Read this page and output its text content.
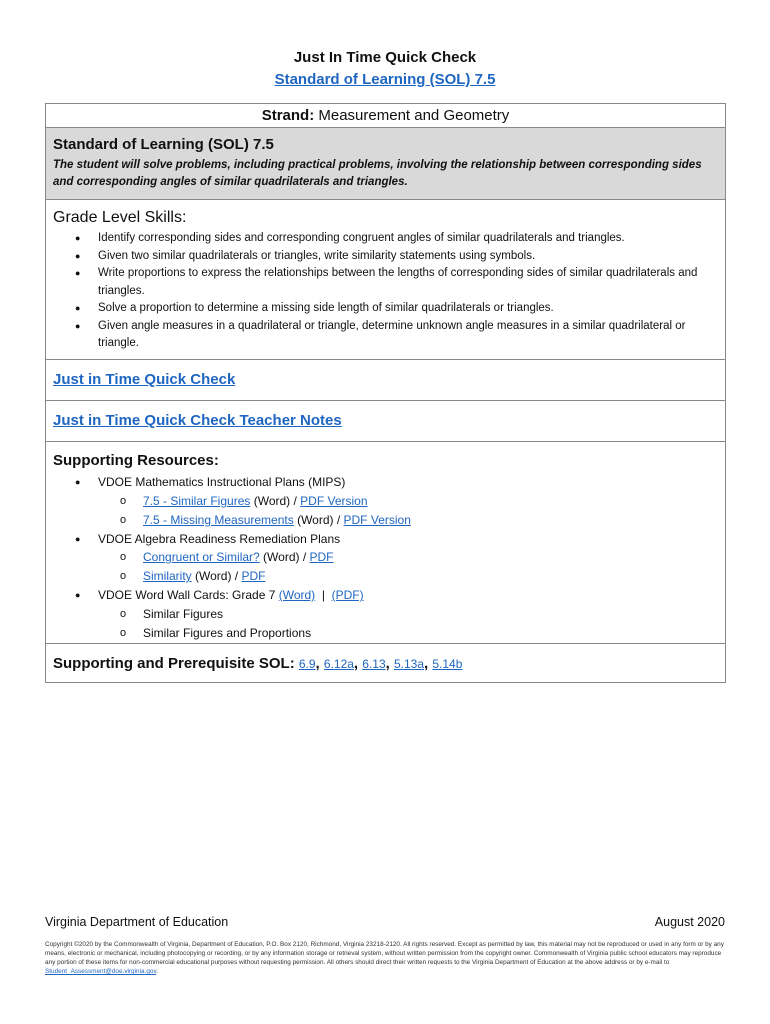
Just In Time Quick Check
Standard of Learning (SOL) 7.5
Strand: Measurement and Geometry
Standard of Learning (SOL) 7.5

The student will solve problems, including practical problems, involving the relationship between corresponding sides and corresponding angles of similar quadrilaterals and triangles.

Grade Level Skills:
● Identify corresponding sides and corresponding congruent angles of similar quadrilaterals and triangles.
● Given two similar quadrilaterals or triangles, write similarity statements using symbols.
● Write proportions to express the relationships between the lengths of corresponding sides of similar quadrilaterals and triangles.
● Solve a proportion to determine a missing side length of similar quadrilaterals or triangles.
● Given angle measures in a quadrilateral or triangle, determine unknown angle measures in a similar quadrilateral or triangle.
Just in Time Quick Check
Just in Time Quick Check Teacher Notes
Supporting Resources:
● VDOE Mathematics Instructional Plans (MIPS)
o 7.5 - Similar Figures (Word) / PDF Version
o 7.5 - Missing Measurements (Word) / PDF Version
● VDOE Algebra Readiness Remediation Plans
o Congruent or Similar? (Word) / PDF
o Similarity (Word) / PDF
● VDOE Word Wall Cards: Grade 7 (Word)  |  (PDF)
o Similar Figures
o Similar Figures and Proportions
Supporting and Prerequisite SOL: 6.9, 6.12a, 6.13, 5.13a, 5.14b
Virginia Department of Education	August 2020
Copyright ©2020 by the Commonwealth of Virginia, Department of Education, P.O. Box 2120, Richmond, Virginia 23218-2120. All rights reserved. Except as permitted by law, this material may not be reproduced or used in any form or by any means, electronic or mechanical, including photocopying or recording, or by any information storage or retrieval system, without written permission from the copyright owner. Commonwealth of Virginia public school educators may reproduce any portion of these items for non-commercial educational purposes without requesting permission. All others should direct their written requests to the Virginia Department of Education at the above address or by e-mail to Student_Assessment@doe.virginia.gov.
